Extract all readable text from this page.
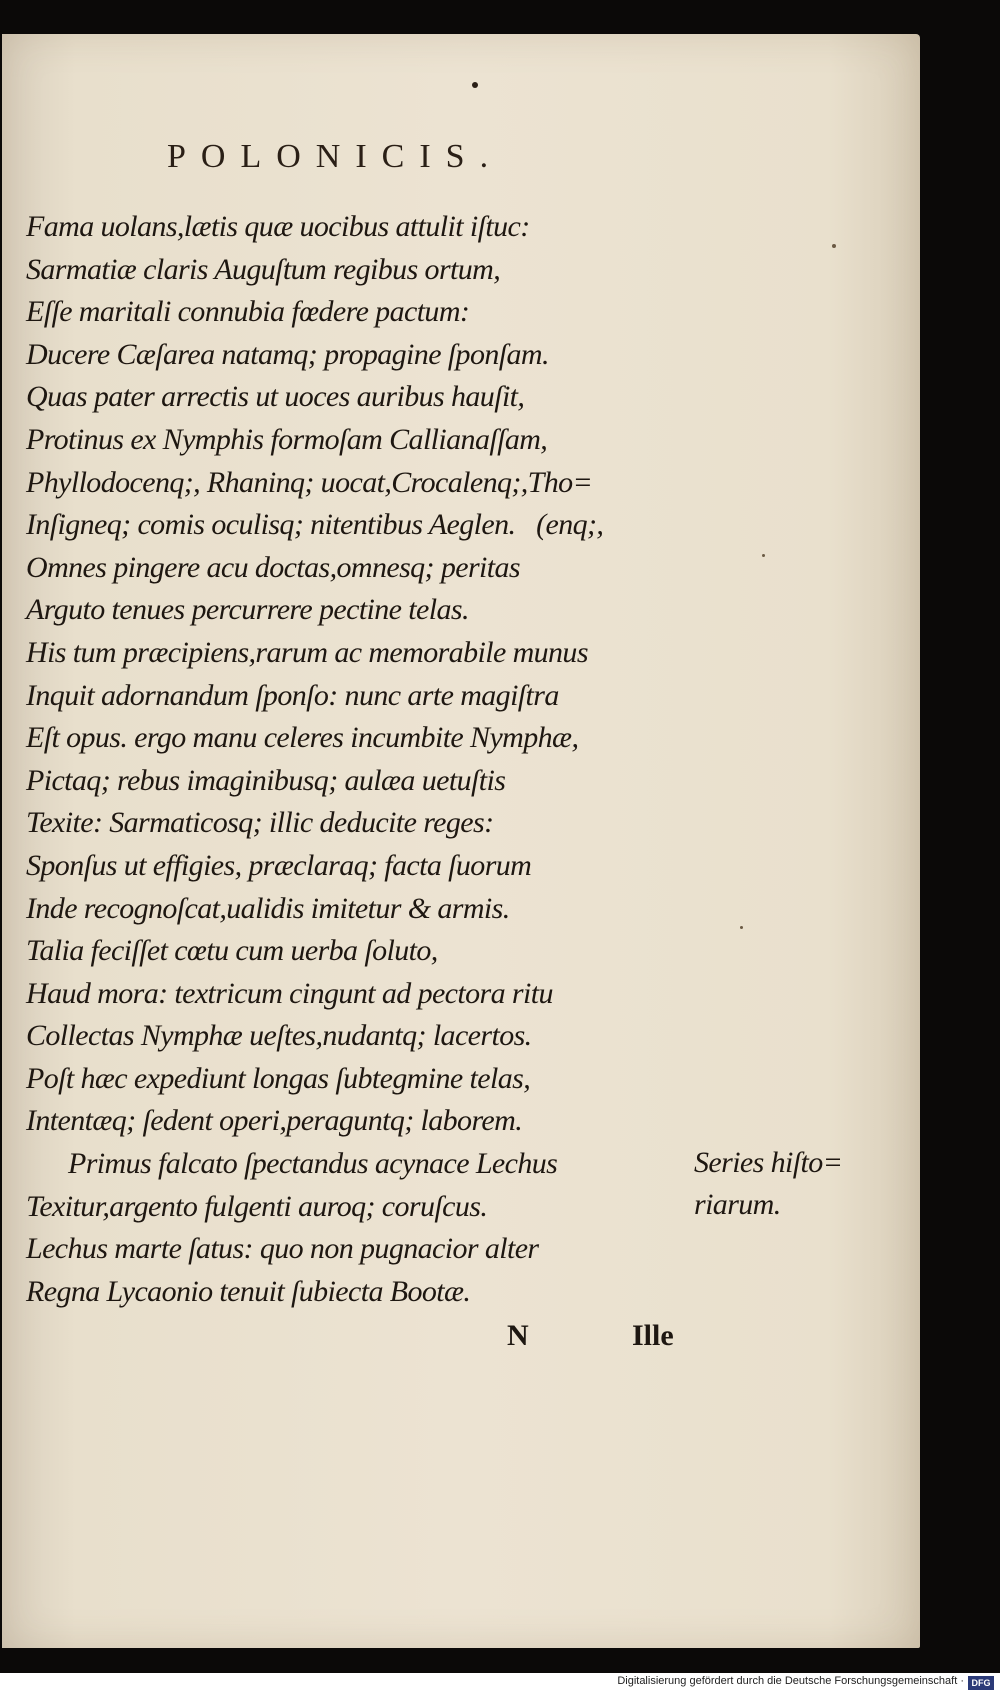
POLONICIS.
Fama uolans,lætis quæ uocibus attulit iſtuc:
Sarmatiæ claris Auguſtum regibus ortum,
Eſſe maritali connubia fœdere pactum:
Ducere Cæſarea natamq; propagine ſponſam.
Quas pater arrectis ut uoces auribus hauſit,
Protinus ex Nymphis formoſam Callianaſſam,
Phyllodocenq;, Rhaninq; uocat,Crocalenq;,Tho=
Inſigneq; comis oculisq; nitentibus Aeglen.   (enq;,
Omnes pingere acu doctas,omnesq; peritas
Arguto tenues percurrere pectine telas.
His tum præcipiens,rarum ac memorabile munus
Inquit adornandum ſponſo: nunc arte magiſtra
Eſt opus. ergo manu celeres incumbite Nymphæ,
Pictaq; rebus imaginibusq; aulæa uetuſtis
Texite: Sarmaticosq; illic deducite reges:
Sponſus ut effigies, præclaraq; facta ſuorum
Inde recognoſcat,ualidis imitetur & armis.
Talia feciſſet cœtu cum uerba ſoluto,
Haud mora: textricum cingunt ad pectora ritu
Collectas Nymphæ ueſtes,nudantq; lacertos.
Poſt hæc expediunt longas ſubtegmine telas,
Intentæq; ſedent operi,peraguntq; laborem.
Primus falcato ſpectandus acynace Lechus
Texitur,argento fulgenti auroq; coruſcus.
Lechus marte ſatus: quo non pugnacior alter
Regna Lycaonio tenuit ſubiecta Bootæ.
Series hiſto=
riarum.
N	Ille
Digitalisierung gefördert durch die Deutsche Forschungsgemeinschaft · DFG
